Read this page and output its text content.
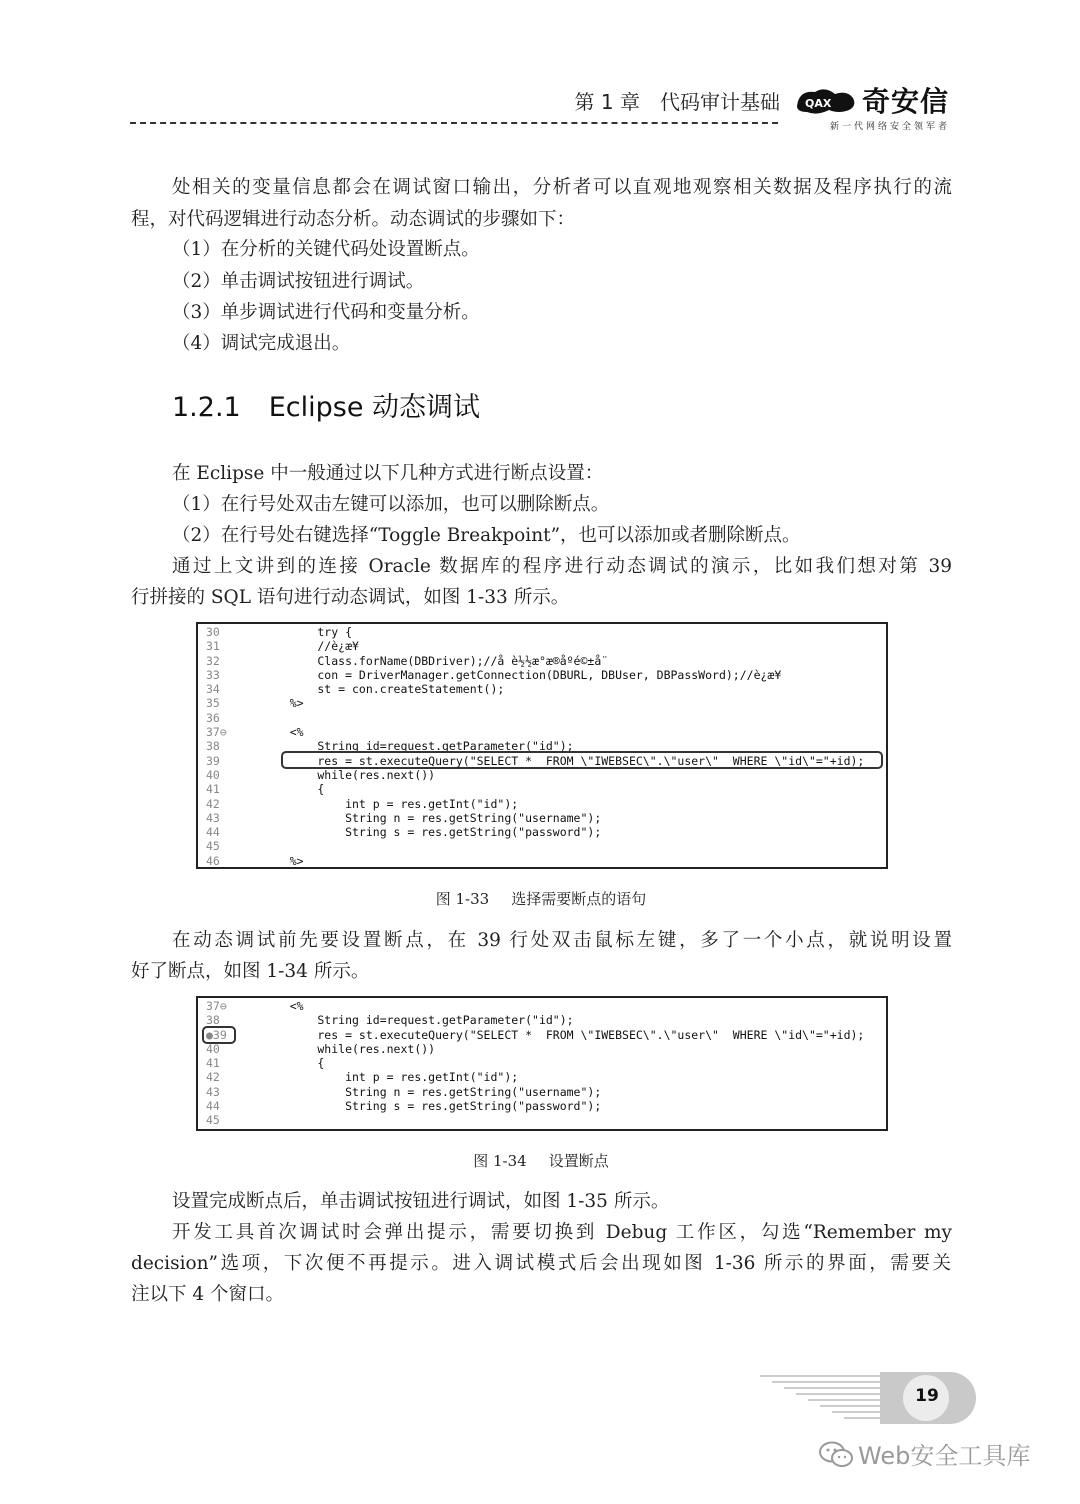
第 1 章　代码审计基础 QAX 奇安信
新一代网络安全领军者
处相关的变量信息都会在调试窗口输出，分析者可以直观地观察相关数据及程序执行的流
程，对代码逻辑进行动态分析。动态调试的步骤如下：
（1）在分析的关键代码处设置断点。
（2）单击调试按钮进行调试。
（3）单步调试进行代码和变量分析。
（4）调试完成退出。
1.2.1 Eclipse 动态调试
在 Eclipse 中一般通过以下几种方式进行断点设置：
（1）在行号处双击左键可以添加，也可以删除断点。
（2）在行号处右键选择“Toggle Breakpoint”，也可以添加或者删除断点。
通过上文讲到的连接 Oracle 数据库的程序进行动态调试的演示，比如我们想对第 39
行拼接的 SQL 语句进行动态调试，如图 1-33 所示。
30	try {
31	//è¿æ¥
32	Class.forName(DBDriver);//å è½½æ°æ®åºé©±å¨
33	con = DriverManager.getConnection(DBURL, DBUser, DBPassWord);//è¿æ¥
34	st = con.createStatement();
35	%>
36
37⊖	<%
38	String id=request.getParameter("id");
39	res = st.executeQuery("SELECT *  FROM \"IWEBSEC\".\"user\"  WHERE \"id\"="+id);
40	while(res.next())
41	{
42	int p = res.getInt("id");
43	String n = res.getString("username");
44	String s = res.getString("password");
45
46	%>
图 1-33 选择需要断点的语句
在动态调试前先要设置断点，在 39 行处双击鼠标左键，多了一个小点，就说明设置
好了断点，如图 1-34 所示。
37⊖	<%
38	String id=request.getParameter("id");
●39	res = st.executeQuery("SELECT *  FROM \"IWEBSEC\".\"user\"  WHERE \"id\"="+id);
40	while(res.next())
41	{
42	int p = res.getInt("id");
43	String n = res.getString("username");
44	String s = res.getString("password");
45
图 1-34 设置断点
设置完成断点后，单击调试按钮进行调试，如图 1-35 所示。
开发工具首次调试时会弹出提示，需要切换到 Debug 工作区，勾选“Remember my
decision”选项，下次便不再提示。进入调试模式后会出现如图 1-36 所示的界面，需要关
注以下 4 个窗口。
19
Web安全工具库
